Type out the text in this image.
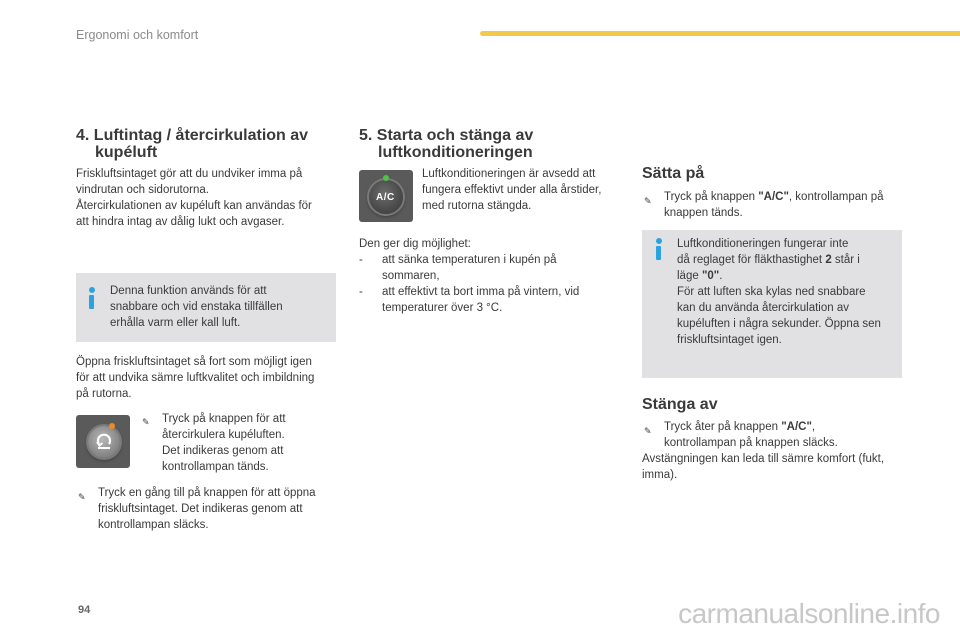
Ergonomi och komfort
4. Luftintag / återcirkulation av
kupéluft

Friskluftsintaget gör att du undviker imma på

vindrutan och sidorutorna.

Återcirkulationen av kupéluft kan användas för

att hindra intag av dålig lukt och avgaser.

Denna funktion används för att

snabbare och vid enstaka tillfällen

erhålla varm eller kall luft.

Öppna friskluftsintaget så fort som möjligt igen

för att undvika sämre luftkvalitet och imbildning

på rutorna.

✎ Tryck på knappen för att

återcirkulera kupéluften.

Det indikeras genom att

kontrollampan tänds.

✎ Tryck en gång till på knappen för att öppna

friskluftsintaget. Det indikeras genom att

kontrollampan släcks.

5. Starta och stänga av
luftkonditioneringen
A/C

Luftkonditioneringen är avsedd att

fungera effektivt under alla årstider,

med rutorna stängda.

Den ger dig möjlighet:

- att sänka temperaturen i kupén på

sommaren,

- att effektivt ta bort imma på vintern, vid

temperaturer över 3 °C.

Sätta på
✎ Tryck på knappen "A/C", kontrollampan på

knappen tänds.

Luftkonditioneringen fungerar inte

då reglaget för fläkthastighet 2 står i

läge "0".

För att luften ska kylas ned snabbare

kan du använda återcirkulation av

kupéluften i några sekunder. Öppna sen

friskluftsintaget igen.

Stänga av
✎ Tryck åter på knappen "A/C",

kontrollampan på knappen släcks.

Avstängningen kan leda till sämre komfort (fukt,

imma).

94	carmanualsonline.info
